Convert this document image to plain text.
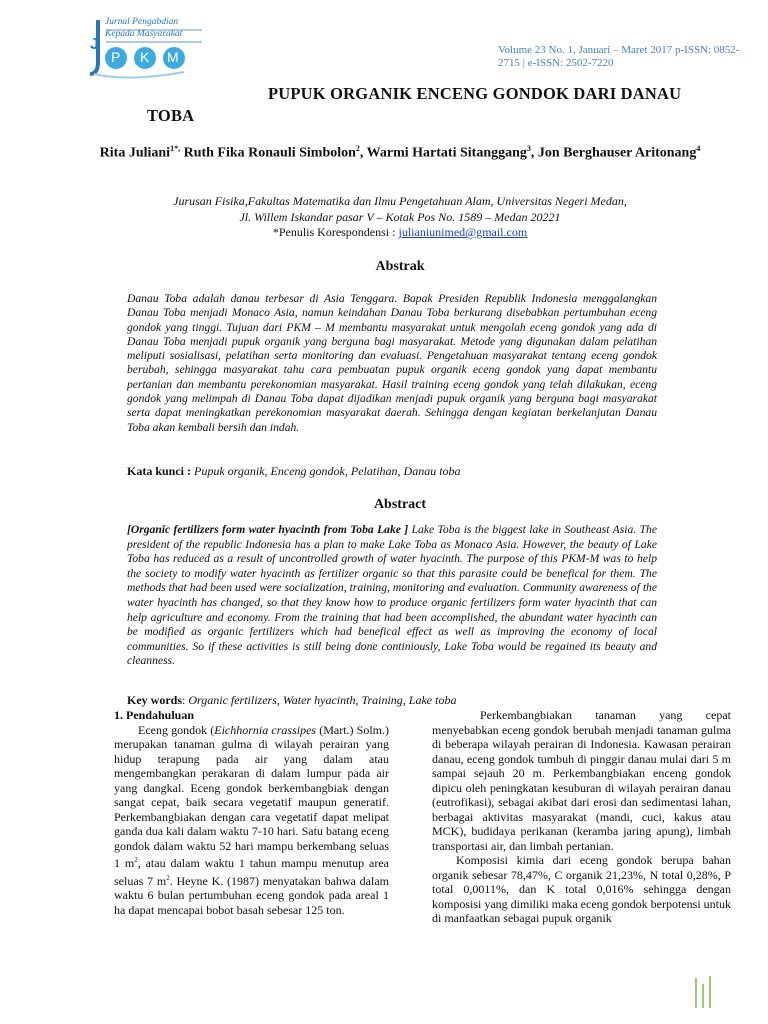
Jurnal Pengabdian
Kepada Masyarakat
J
P K M	Volume 23 No. 1, Januari – Maret 2017 p-ISSN: 0852-2715 | e-ISSN: 2502-7220
PUPUK ORGANIK ENCENG GONDOK DARI DANAU
TOBA
Rita Juliani$^{1*,}$ Ruth Fika Ronauli Simbolon$^2$, Warmi Hartati Sitanggang$^3$, Jon Berghauser Aritonang$^4$
Jurusan Fisika,Fakultas Matematika dan Ilmu Pengetahuan Alam, Universitas Negeri Medan,
Jl. Willem Iskandar pasar V – Kotak Pos No. 1589 – Medan 20221
*Penulis Korespondensi : julianiunimed@gmail.com
Abstrak
Danau Toba adalah danau terbesar di Asia Tenggara. Bapak Presiden Republik Indonesia menggalangkan Danau Toba menjadi Monaco Asia, namun keindahan Danau Toba berkurang disebabkan pertumbuhan eceng gondok yang tinggi. Tujuan dari PKM – M membantu masyarakat untuk mengolah eceng gondok yang ada di Danau Toba menjadi pupuk organik yang berguna bagi masyarakat. Metode yang digunakan dalam pelatihan meliputi sosialisasi, pelatihan serta monitoring dan evaluasi. Pengetahuan masyarakat tentang eceng gondok berubah, sehingga masyarakat tahu cara pembuatan pupuk organik eceng gondok yang dapat membantu pertanian dan membantu perekonomian masyarakat. Hasil training eceng gondok yang telah dilakukan, eceng gondok yang melimpah di Danau Toba dapat dijadikan menjadi pupuk organik yang berguna bagi masyarakat serta dapat meningkatkan perekonomian masyarakat daerah. Sehingga dengan kegiatan berkelanjutan Danau Toba akan kembali bersih dan indah.
Kata kunci : Pupuk organik, Enceng gondok, Pelatihan, Danau toba
Abstract
[Organic fertilizers form water hyacinth from Toba Lake ] Lake Toba is the biggest lake in Southeast Asia. The president of the republic Indonesia has a plan to make Lake Toba as Monaco Asia. However, the beauty of Lake Toba has reduced as a result of uncontrolled growth of water hyacinth. The purpose of this PKM-M was to help the society to modify water hyacinth as fertilizer organic so that this parasite could be benefical for them. The methods that had been used were socialization, training, monitoring and evaluation. Community awareness of the water hyacinth has changed, so that they know how to produce organic fertilizers form water hyacinth that can help agriculture and economy. From the training that had been accomplished, the abundant water hyacinth can be modified as organic fertilizers which had benefical effect as well as improving the economy of local communities. So if these activities is still being done continiously, Lake Toba would be regained its beauty and cleanness.
Key words: Organic fertilizers, Water hyacinth, Training, Lake toba
1. Pendahuluan

Eceng gondok (Eichhornia crassipes (Mart.) Solm.) merupakan tanaman gulma di wilayah perairan yang hidup terapung pada air yang dalam atau mengembangkan perakaran di dalam lumpur pada air yang dangkal. Eceng gondok berkembangbiak dengan sangat cepat, baik secara vegetatif maupun generatif. Perkembangbiakan dengan cara vegetatif dapat melipat ganda dua kali dalam waktu 7-10 hari. Satu batang eceng gondok dalam waktu 52 hari mampu berkembang seluas 1 $m^2$, atau dalam waktu 1 tahun mampu menutup area seluas 7 $m^2$. Heyne K. (1987) menyatakan bahwa dalam waktu 6 bulan pertumbuhan eceng gondok pada areal 1 ha dapat mencapai bobot basah sebesar 125 ton.

Perkembangbiakan tanaman yang cepat menyebabkan eceng gondok berubah menjadi tanaman gulma di beberapa wilayah perairan di Indonesia. Kawasan perairan danau, eceng gondok tumbuh di pinggir danau mulai dari 5 m sampai sejauh 20 m. Perkembangbiakan enceng gondok dipicu oleh peningkatan kesuburan di wilayah perairan danau (eutrofikasi), sebagai akibat dari erosi dan sedimentasi lahan, berbagai aktivitas masyarakat (mandi, cuci, kakus atau MCK), budidaya perikanan (keramba jaring apung), limbah transportasi air, dan limbah pertanian.

Komposisi kimia dari eceng gondok berupa bahan organik sebesar 78,47%, C organik 21,23%, N total 0,28%, P total 0,0011%, dan K total 0,016% sehingga dengan komposisi yang dimiliki maka eceng gondok berpotensi untuk di manfaatkan sebagai pupuk organik
